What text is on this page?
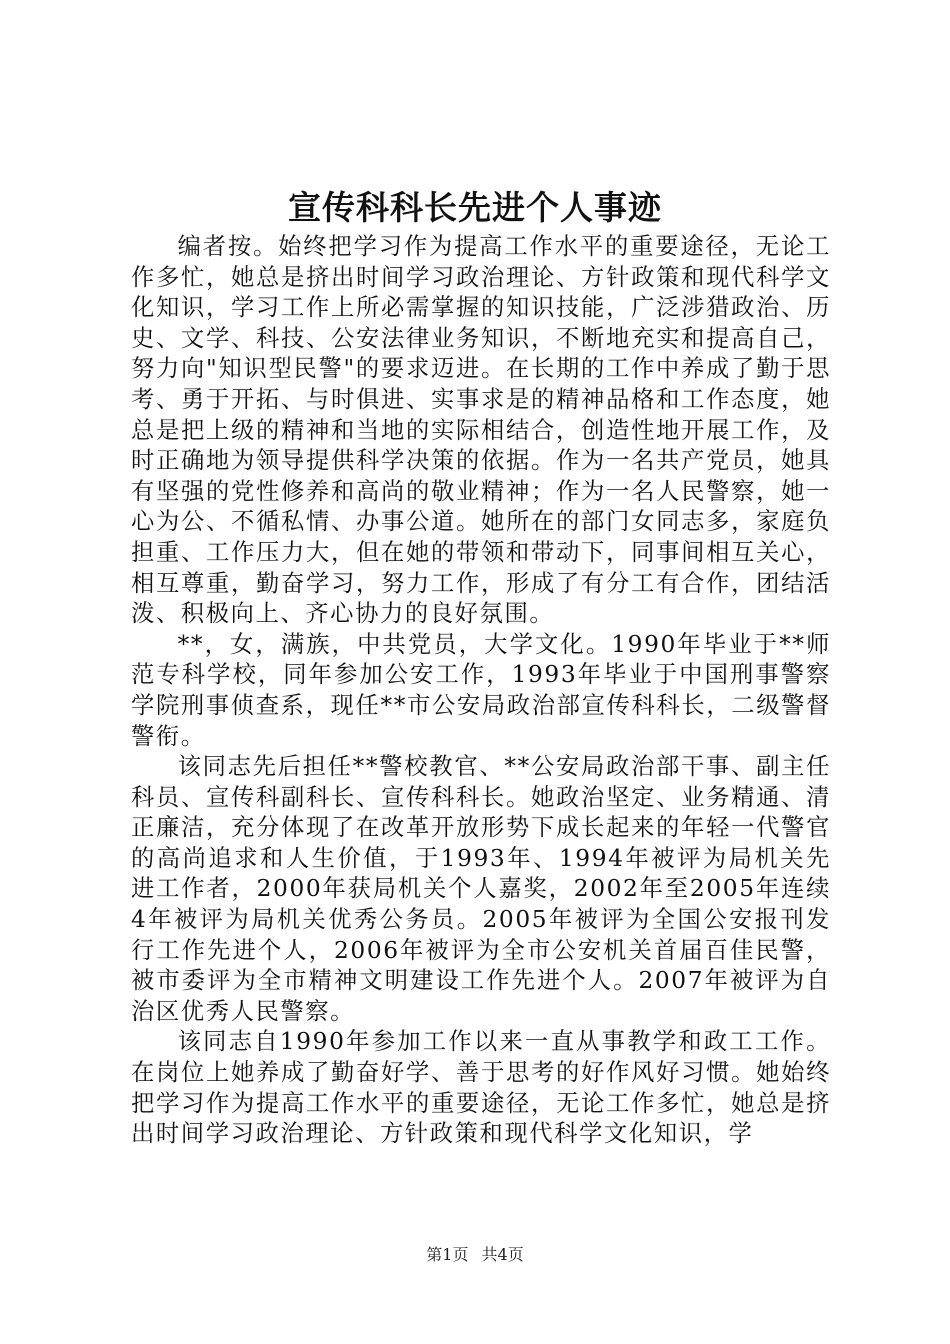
宣传科科长先进个人事迹

编者按。始终把学习作为提高工作水平的重要途径，无论工作多忙，她总是挤出时间学习政治理论、方针政策和现代科学文化知识，学习工作上所必需掌握的知识技能，广泛涉猎政治、历史、文学、科技、公安法律业务知识，不断地充实和提高自己，努力向"知识型民警"的要求迈进。在长期的工作中养成了勤于思考、勇于开拓、与时俱进、实事求是的精神品格和工作态度，她总是把上级的精神和当地的实际相结合，创造性地开展工作，及时正确地为领导提供科学决策的依据。作为一名共产党员，她具有坚强的党性修养和高尚的敬业精神；作为一名人民警察，她一心为公、不循私情、办事公道。她所在的部门女同志多，家庭负担重、工作压力大，但在她的带领和带动下，同事间相互关心，相互尊重，勤奋学习，努力工作，形成了有分工有合作，团结活泼、积极向上、齐心协力的良好氛围。

**，女，满族，中共党员，大学文化。1990年毕业于**师范专科学校，同年参加公安工作，1993年毕业于中国刑事警察学院刑事侦查系，现任**市公安局政治部宣传科科长，二级警督警衔。

该同志先后担任**警校教官、**公安局政治部干事、副主任科员、宣传科副科长、宣传科科长。她政治坚定、业务精通、清正廉洁，充分体现了在改革开放形势下成长起来的年轻一代警官的高尚追求和人生价值，于1993年、1994年被评为局机关先进工作者，2000年获局机关个人嘉奖，2002年至2005年连续4年被评为局机关优秀公务员。2005年被评为全国公安报刊发行工作先进个人，2006年被评为全市公安机关首届百佳民警，被市委评为全市精神文明建设工作先进个人。2007年被评为自治区优秀人民警察。

该同志自1990年参加工作以来一直从事教学和政工工作。在岗位上她养成了勤奋好学、善于思考的好作风好习惯。她始终把学习作为提高工作水平的重要途径，无论工作多忙，她总是挤出时间学习政治理论、方针政策和现代科学文化知识，学

第1页 共4页
